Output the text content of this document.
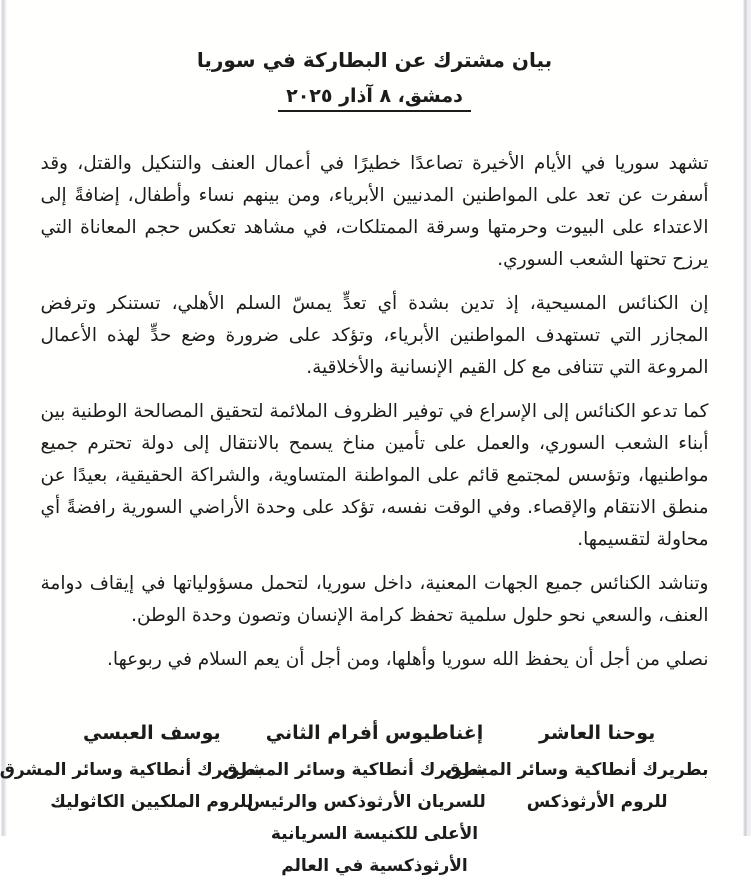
بيان مشترك عن البطاركة في سوريا
دمشق، ٨ آذار ٢٠٢٥

تشهد سوريا في الأيام الأخيرة تصاعدًا خطيرًا في أعمال العنف والتنكيل والقتل، وقد أسفرت عن تعد على المواطنين المدنيين الأبرياء، ومن بينهم نساء وأطفال، إضافةً إلى الاعتداء على البيوت وحرمتها وسرقة الممتلكات، في مشاهد تعكس حجم المعاناة التي يرزح تحتها الشعب السوري.

إن الكنائس المسيحية، إذ تدين بشدة أي تعدٍّ يمسّ السلم الأهلي، تستنكر وترفض المجازر التي تستهدف المواطنين الأبرياء، وتؤكد على ضرورة وضع حدٍّ لهذه الأعمال المروعة التي تتنافى مع كل القيم الإنسانية والأخلاقية.

كما تدعو الكنائس إلى الإسراع في توفير الظروف الملائمة لتحقيق المصالحة الوطنية بين أبناء الشعب السوري، والعمل على تأمين مناخ يسمح بالانتقال إلى دولة تحترم جميع مواطنيها، وتؤسس لمجتمع قائم على المواطنة المتساوية، والشراكة الحقيقية، بعيدًا عن منطق الانتقام والإقصاء. وفي الوقت نفسه، تؤكد على وحدة الأراضي السورية رافضةً أي محاولة لتقسيمها.

وتناشد الكنائس جميع الجهات المعنية، داخل سوريا، لتحمل مسؤولياتها في إيقاف دوامة العنف، والسعي نحو حلول سلمية تحفظ كرامة الإنسان وتصون وحدة الوطن.

نصلي من أجل أن يحفظ الله سوريا وأهلها، ومن أجل أن يعم السلام في ربوعها.

يوحنا العاشر
بطريرك أنطاكية وسائر المشرق
للروم الأرثوذكس
إغناطيوس أفرام الثاني
بطريرك أنطاكية وسائر المشرق
للسريان الأرثوذكس والرئيس
الأعلى للكنيسة السريانية
الأرثوذكسية في العالم
يوسف العبسي
بطريرك أنطاكية وسائر المشرق
للروم الملكيين الكاثوليك
